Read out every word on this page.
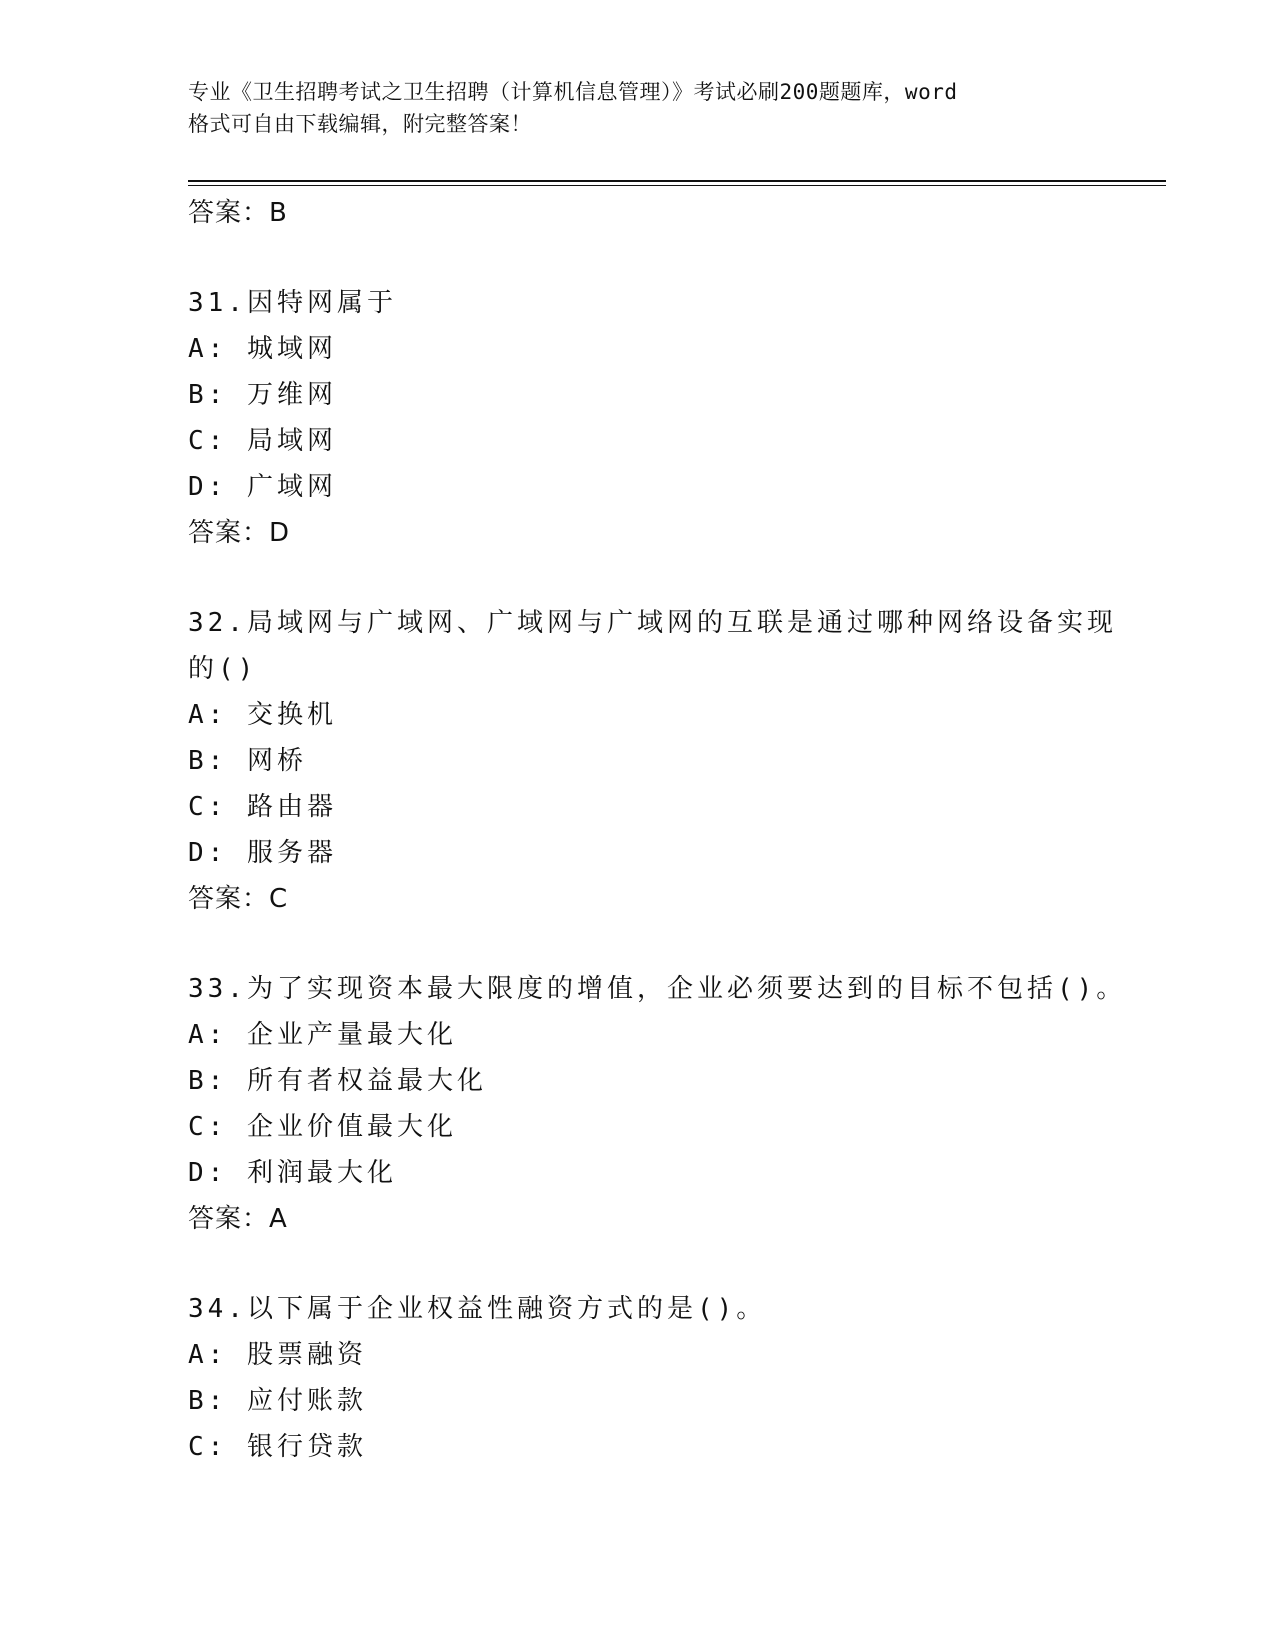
专业《卫生招聘考试之卫生招聘（计算机信息管理）》考试必刷200题题库，word
格式可自由下载编辑，附完整答案！
答案：B

31.因特网属于

A: 城域网
B: 万维网
C: 局域网
D: 广域网
答案：D

32.局域网与广域网、广域网与广域网的互联是通过哪种网络设备实现的()

A: 交换机
B: 网桥
C: 路由器
D: 服务器
答案：C

33.为了实现资本最大限度的增值，企业必须要达到的目标不包括()。

A: 企业产量最大化
B: 所有者权益最大化
C: 企业价值最大化
D: 利润最大化
答案：A

34.以下属于企业权益性融资方式的是()。

A: 股票融资
B: 应付账款
C: 银行贷款
